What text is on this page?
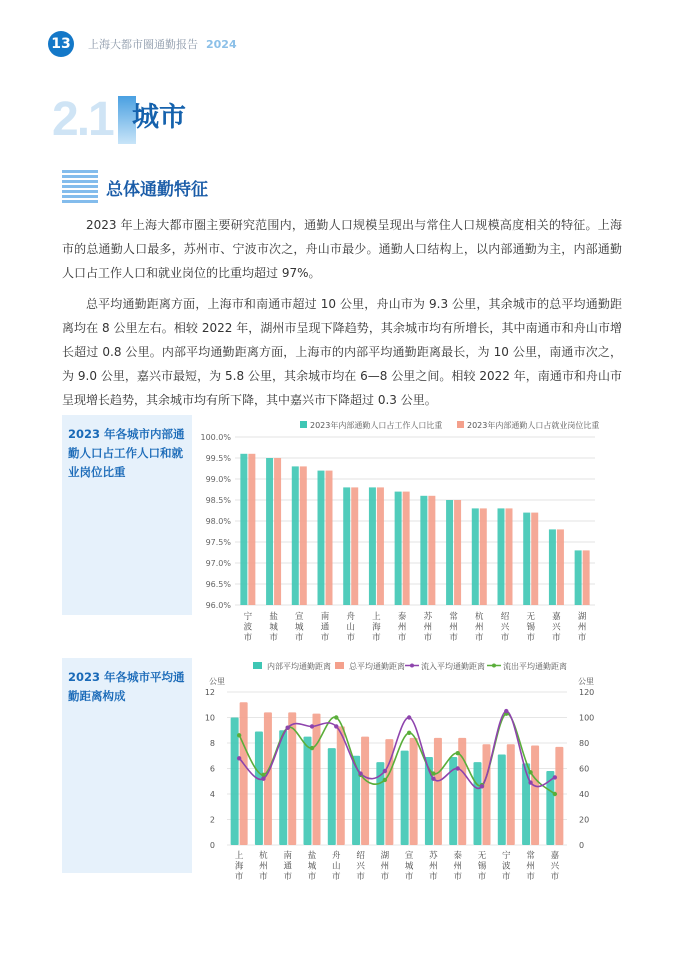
13 上海大都市圈通勤报告 2024
2.1 城市
总体通勤特征

2023 年上海大都市圈主要研究范围内，通勤人口规模呈现出与常住人口规模高度相关的特征。上海市的总通勤人口最多，苏州市、宁波市次之，舟山市最少。通勤人口结构上，以内部通勤为主，内部通勤人口占工作人口和就业岗位的比重均超过 97%。

总平均通勤距离方面，上海市和南通市超过 10 公里，舟山市为 9.3 公里，其余城市的总平均通勤距离均在 8 公里左右。相较 2022 年，湖州市呈现下降趋势，其余城市均有所增长，其中南通市和舟山市增长超过 0.8 公里。内部平均通勤距离方面，上海市的内部平均通勤距离最长，为 10 公里，南通市次之，为 9.0 公里，嘉兴市最短，为 5.8 公里，其余城市均在 6—8 公里之间。相较 2022 年，南通市和舟山市呈现增长趋势，其余城市均有所下降，其中嘉兴市下降超过 0.3 公里。

2023 年各城市内部通勤人口占工作人口和就业岗位比重
2023年内部通勤人口占工作人口比重	2023年内部通勤人口占就业岗位比重
100.0%
99.5%
99.0%
98.5%
98.0%
97.5%
97.0%
96.5%
96.0%
宁波市
盐城市
宣城市
南通市
舟山市
上海市
泰州市
苏州市
常州市
杭州市
绍兴市
无锡市
嘉兴市
湖州市
2023 年各城市平均通勤距离构成
内部平均通勤距离 总平均通勤距离 流入平均通勤距离 流出平均通勤距离
公里	公里
12
10
8
6
4
2
0
120
100
80
60
40
20
0
上海市
杭州市
南通市
盐城市
舟山市
绍兴市
湖州市
宣城市
苏州市
泰州市
无锡市
宁波市
常州市
嘉兴市
